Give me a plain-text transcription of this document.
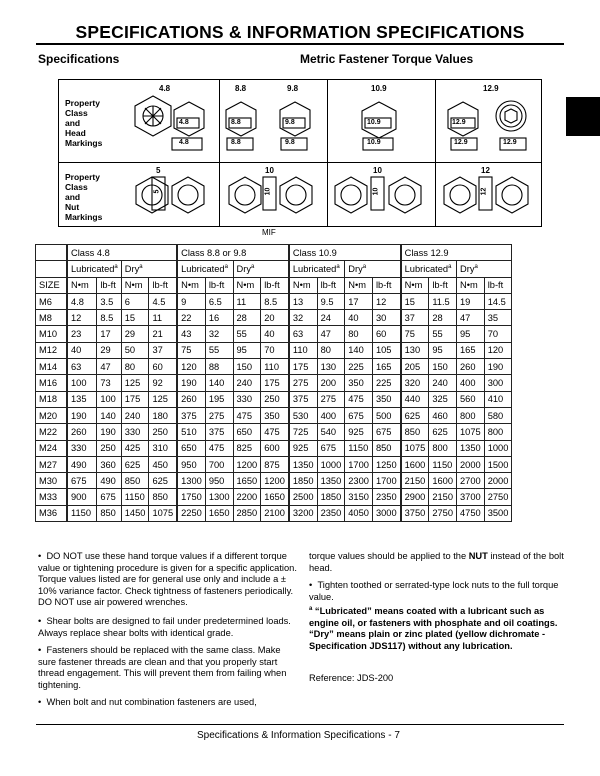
SPECIFICATIONS & INFORMATION SPECIFICATIONS
Specifications	Metric Fastener Torque Values
Property
Class
and
Head
Markings
Property
Class
and
Nut
Markings
4.8	8.8	9.8	10.9	12.9
4.8	8.8	9.8	10.9	12.9
12.9
4.8	8.8	9.8	10.9	12.9
5	10	10	12
5	10	10	12
MIF
	Class 4.8				Class 8.8 or 9.8				Class 10.9				Class 12.9			
	Lubricated$^a$		Dry$^a$		Lubricated$^a$		Dry$^a$		Lubricated$^a$		Dry$^a$		Lubricated$^a$		Dry$^a$
SIZE	N•m	lb-ft	N•m	lb-ft	N•m	lb-ft	N•m	lb-ft	N•m	lb-ft	N•m	lb-ft	N•m	lb-ft	N•m	lb-ft
M6	4.8	3.5	6	4.5	9	6.5	11	8.5	13	9.5	17	12	15	11.5	19	14.5
M8	12	8.5	15	11	22	16	28	20	32	24	40	30	37	28	47	35
M10	23	17	29	21	43	32	55	40	63	47	80	60	75	55	95	70
M12	40	29	50	37	75	55	95	70	110	80	140	105	130	95	165	120
M14	63	47	80	60	120	88	150	110	175	130	225	165	205	150	260	190
M16	100	73	125	92	190	140	240	175	275	200	350	225	320	240	400	300
M18	135	100	175	125	260	195	330	250	375	275	475	350	440	325	560	410
M20	190	140	240	180	375	275	475	350	530	400	675	500	625	460	800	580
M22	260	190	330	250	510	375	650	475	725	540	925	675	850	625	1075	800
M24	330	250	425	310	650	475	825	600	925	675	1150	850	1075	800	1350	1000
M27	490	360	625	450	950	700	1200	875	1350	1000	1700	1250	1600	1150	2000	1500
M30	675	490	850	625	1300	950	1650	1200	1850	1350	2300	1700	2150	1600	2700	2000
M33	900	675	1150	850	1750	1300	2200	1650	2500	1850	3150	2350	2900	2150	3700	2750
M36	1150	850	1450	1075	2250	1650	2850	2100	3200	2350	4050	3000	3750	2750	4750	3500
• DO NOT use these hand torque values if a different torque value or tightening procedure is given for a specific application. Torque values listed are for general use only and include a ± 10% variance factor. Check tightness of fasteners periodically. DO NOT use air powered wrenches.
• Shear bolts are designed to fail under predetermined loads. Always replace shear bolts with identical grade.
• Fasteners should be replaced with the same class. Make sure fastener threads are clean and that you properly start thread engagement. This will prevent them from failing when tightening.
• When bolt and nut combination fasteners are used,
torque values should be applied to the NUT instead of the bolt head.
• Tighten toothed or serrated-type lock nuts to the full torque value.
$^a$ “Lubricated” means coated with a lubricant such as engine oil, or fasteners with phosphate and oil coatings. “Dry” means plain or zinc plated (yellow dichromate - Specification JDS117) without any lubrication.
Reference: JDS-200
Specifications & Information Specifications - 7
